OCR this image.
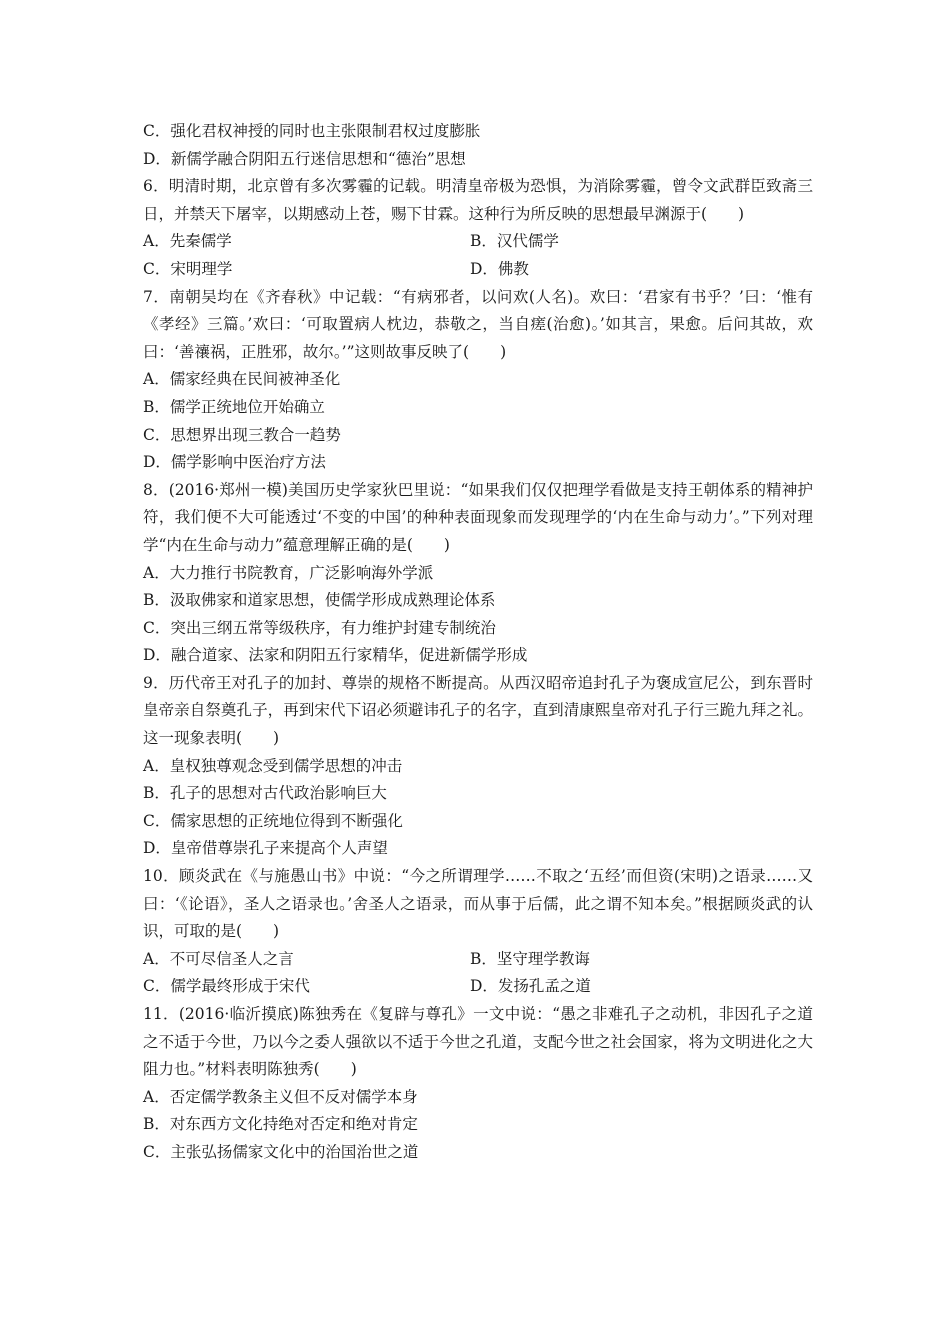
C．强化君权神授的同时也主张限制君权过度膨胀
D．新儒学融合阴阳五行迷信思想和“德治”思想
6．明清时期，北京曾有多次雾霾的记载。明清皇帝极为恐惧，为消除雾霾，曾令文武群臣致斋三日，并禁天下屠宰，以期感动上苍，赐下甘霖。这种行为所反映的思想最早渊源于(　　)
A．先秦儒学	B．汉代儒学
C．宋明理学	D．佛教
7．南朝吴均在《齐春秋》中记载：“有病邪者，以问欢(人名)。欢曰：‘君家有书乎？’曰：‘惟有《孝经》三篇。’欢曰：‘可取置病人枕边，恭敬之，当自瘥(治愈)。’如其言，果愈。后问其故，欢曰：‘善禳祸，正胜邪，故尔。’”这则故事反映了(　　)
A．儒家经典在民间被神圣化
B．儒学正统地位开始确立
C．思想界出现三教合一趋势
D．儒学影响中医治疗方法
8．(2016·郑州一模)美国历史学家狄巴里说：“如果我们仅仅把理学看做是支持王朝体系的精神护符，我们便不大可能透过‘不变的中国’的种种表面现象而发现理学的‘内在生命与动力’。”下列对理学“内在生命与动力”蕴意理解正确的是(　　)
A．大力推行书院教育，广泛影响海外学派
B．汲取佛家和道家思想，使儒学形成成熟理论体系
C．突出三纲五常等级秩序，有力维护封建专制统治
D．融合道家、法家和阴阳五行家精华，促进新儒学形成
9．历代帝王对孔子的加封、尊崇的规格不断提高。从西汉昭帝追封孔子为褒成宣尼公，到东晋时皇帝亲自祭奠孔子，再到宋代下诏必须避讳孔子的名字，直到清康熙皇帝对孔子行三跪九拜之礼。这一现象表明(　　)
A．皇权独尊观念受到儒学思想的冲击
B．孔子的思想对古代政治影响巨大
C．儒家思想的正统地位得到不断强化
D．皇帝借尊崇孔子来提高个人声望
10．顾炎武在《与施愚山书》中说：“今之所谓理学……不取之‘五经’而但资(宋明)之语录……又曰：‘《论语》，圣人之语录也。’舍圣人之语录，而从事于后儒，此之谓不知本矣。”根据顾炎武的认识，可取的是(　　)
A．不可尽信圣人之言	B．坚守理学教诲
C．儒学最终形成于宋代	D．发扬孔孟之道
11．(2016·临沂摸底)陈独秀在《复辟与尊孔》一文中说：“愚之非难孔子之动机，非因孔子之道之不适于今世，乃以今之委人强欲以不适于今世之孔道，支配今世之社会国家，将为文明进化之大阻力也。”材料表明陈独秀(　　)
A．否定儒学教条主义但不反对儒学本身
B．对东西方文化持绝对否定和绝对肯定
C．主张弘扬儒家文化中的治国治世之道
